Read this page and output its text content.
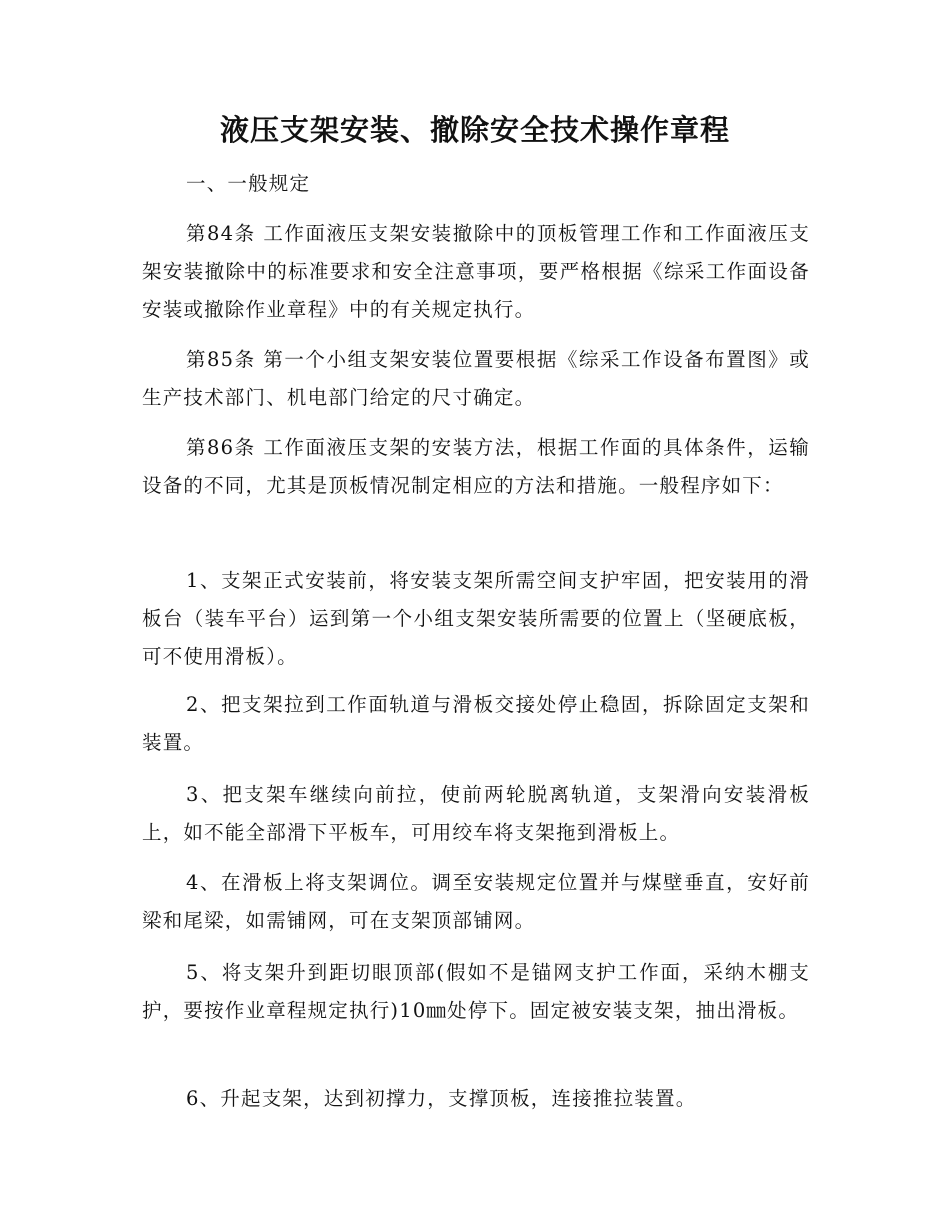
液压支架安装、撤除安全技术操作章程

一、一般规定

第84条 工作面液压支架安装撤除中的顶板管理工作和工作面液压支架安装撤除中的标准要求和安全注意事项，要严格根据《综采工作面设备安装或撤除作业章程》中的有关规定执行。

第85条 第一个小组支架安装位置要根据《综采工作设备布置图》或生产技术部门、机电部门给定的尺寸确定。

第86条 工作面液压支架的安装方法，根据工作面的具体条件，运输设备的不同，尤其是顶板情况制定相应的方法和措施。一般程序如下：

1、支架正式安装前，将安装支架所需空间支护牢固，把安装用的滑板台（装车平台）运到第一个小组支架安装所需要的位置上（坚硬底板，可不使用滑板）。

2、把支架拉到工作面轨道与滑板交接处停止稳固，拆除固定支架和装置。

3、把支架车继续向前拉，使前两轮脱离轨道，支架滑向安装滑板上，如不能全部滑下平板车，可用绞车将支架拖到滑板上。

4、在滑板上将支架调位。调至安装规定位置并与煤壁垂直，安好前梁和尾梁，如需铺网，可在支架顶部铺网。

5、将支架升到距切眼顶部(假如不是锚网支护工作面，采纳木棚支护，要按作业章程规定执行)10㎜处停下。固定被安装支架，抽出滑板。

6、升起支架，达到初撑力，支撑顶板，连接推拉装置。
